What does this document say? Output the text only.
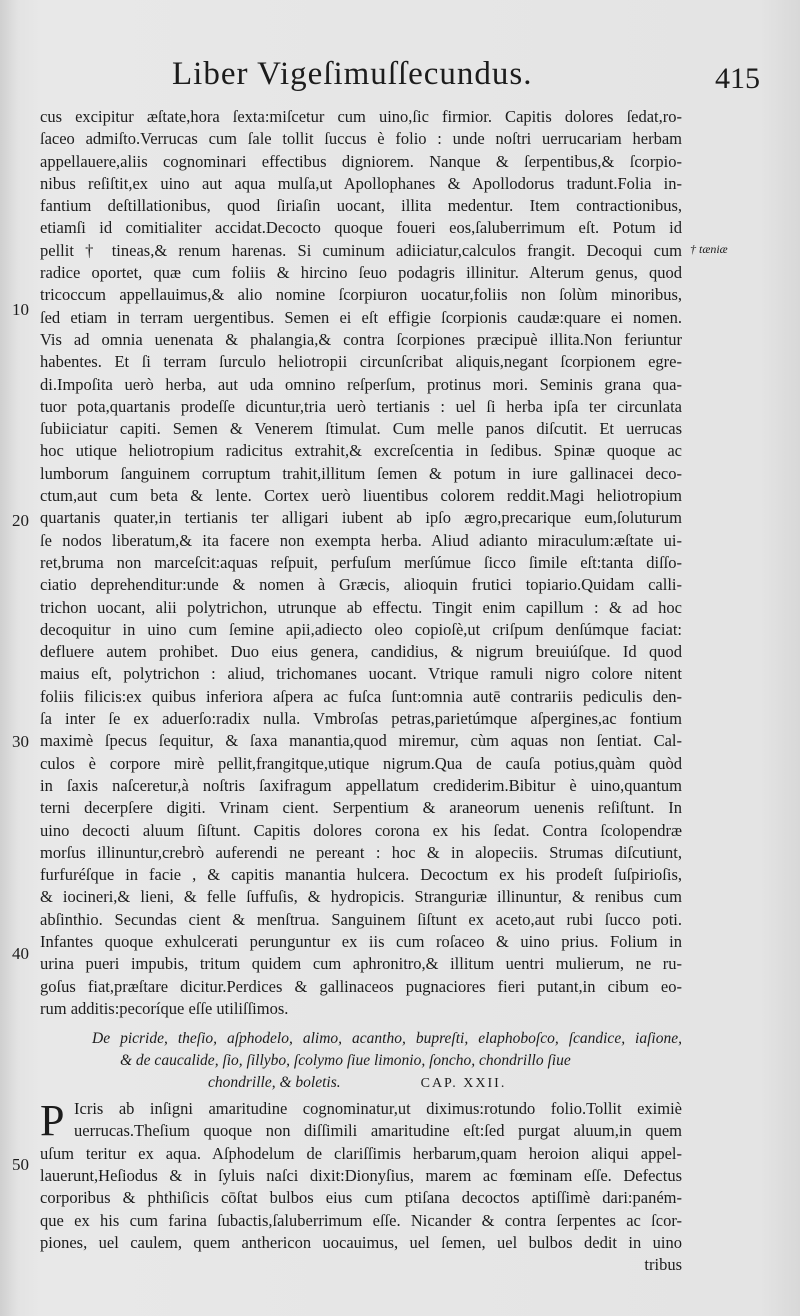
Liber Vigeſimuſſecundus.	415
10
20
30
40
50
† tæniæ
cus excipitur æſtate,hora ſexta:miſcetur cum uino,ſic firmior. Capitis dolores ſedat,ro-
ſaceo admiſto.Verrucas cum ſale tollit ſuccus è folio : unde noſtri uerrucariam herbam
appellauere,aliis cognominari effectibus digniorem. Nanque & ſerpentibus,& ſcorpio-
nibus reſiſtit,ex uino aut aqua mulſa,ut Apollophanes & Apollodorus tradunt.Folia in-
fantium deſtillationibus, quod ſiriaſin uocant, illita medentur. Item contractionibus,
etiamſi id comitialiter accidat.Decocto quoque foueri eos,ſaluberrimum eſt. Potum id
pellit † tineas,& renum harenas. Si cuminum adiiciatur,calculos frangit. Decoqui cum
radice oportet, quæ cum foliis & hircino ſeuo podagris illinitur. Alterum genus, quod
tricoccum appellauimus,& alio nomine ſcorpiuron uocatur,foliis non ſolùm minoribus,
ſed etiam in terram uergentibus. Semen ei eſt effigie ſcorpionis caudæ:quare ei nomen.
Vis ad omnia uenenata & phalangia,& contra ſcorpiones præcipuè illita.Non feriuntur
habentes. Et ſi terram ſurculo heliotropii circunſcribat aliquis,negant ſcorpionem egre-
di.Impoſita uerò herba, aut uda omnino reſperſum, protinus mori. Seminis grana qua-
tuor pota,quartanis prodeſſe dicuntur,tria uerò tertianis : uel ſi herba ipſa ter circunlata
ſubiiciatur capiti. Semen & Venerem ſtimulat. Cum melle panos diſcutit. Et uerrucas
hoc utique heliotropium radicitus extrahit,& excreſcentia in ſedibus. Spinæ quoque ac
lumborum ſanguinem corruptum trahit,illitum ſemen & potum in iure gallinacei deco-
ctum,aut cum beta & lente. Cortex uerò liuentibus colorem reddit.Magi heliotropium
quartanis quater,in tertianis ter alligari iubent ab ipſo ægro,precarique eum,ſoluturum
ſe nodos liberatum,& ita facere non exempta herba. Aliud adianto miraculum:æſtate ui-
ret,bruma non marceſcit:aquas reſpuit, perfuſum merſúmue ſicco ſimile eſt:tanta diſſo-
ciatio deprehenditur:unde & nomen à Græcis, alioquin frutici topiario.Quidam calli-
trichon uocant, alii polytrichon, utrunque ab effectu. Tingit enim capillum : & ad hoc
decoquitur in uino cum ſemine apii,adiecto oleo copioſè,ut criſpum denſúmque faciat:
defluere autem prohibet. Duo eius genera, candidius, & nigrum breuiúſque. Id quod
maius eſt, polytrichon : aliud, trichomanes uocant. Vtrique ramuli nigro colore nitent
foliis filicis:ex quibus inferiora aſpera ac fuſca ſunt:omnia autē contrariis pediculis den-
ſa inter ſe ex aduerſo:radix nulla. Vmbroſas petras,parietúmque aſpergines,ac fontium
maximè ſpecus ſequitur, & ſaxa manantia,quod miremur, cùm aquas non ſentiat. Cal-
culos è corpore mirè pellit,frangitque,utique nigrum.Qua de cauſa potius,quàm quòd
in ſaxis naſceretur,à noſtris ſaxifragum appellatum crediderim.Bibitur è uino,quantum
terni decerpſere digiti. Vrinam cient. Serpentium & araneorum uenenis reſiſtunt. In
uino decocti aluum ſiſtunt. Capitis dolores corona ex his ſedat. Contra ſcolopendræ
morſus illinuntur,crebrò auferendi ne pereant : hoc & in alopeciis. Strumas diſcutiunt,
furfuréſque in facie , & capitis manantia hulcera. Decoctum ex his prodeſt ſuſpirioſis,
& iocineri,& lieni, & felle ſuffuſis, & hydropicis. Stranguriæ illinuntur, & renibus cum
abſinthio. Secundas cient & menſtrua. Sanguinem ſiſtunt ex aceto,aut rubi ſucco poti.
Infantes quoque exhulcerati perunguntur ex iis cum roſaceo & uino prius. Folium in
urina pueri impubis, tritum quidem cum aphronitro,& illitum uentri mulierum, ne ru-
goſus fiat,præſtare dicitur.Perdices & gallinaceos pugnaciores fieri putant,in cibum eo-
rum additis:pecoríque eſſe utiliſſimos.
De picride, theſio, aſphodelo, alimo, acantho, bupreſti, elaphoboſco, ſcandice, iaſione,
& de caucalide, ſio, ſillybo, ſcolymo ſiue limonio, ſoncho, chondrillo ſiue
chondrille, & boletis.	CAP. XXII.
P Icris ab inſigni amaritudine cognominatur,ut diximus:rotundo folio.Tollit eximiè
uerrucas.Theſium quoque non diſſimili amaritudine eſt:ſed purgat aluum,in quem
uſum teritur ex aqua. Aſphodelum de clariſſimis herbarum,quam heroion aliqui appel-
lauerunt,Heſiodus & in ſyluis naſci dixit:Dionyſius, marem ac fœminam eſſe. Defectus
corporibus & phthiſicis cōſtat bulbos eius cum ptiſana decoctos aptiſſimè dari:paném-
que ex his cum farina ſubactis,ſaluberrimum eſſe. Nicander & contra ſerpentes ac ſcor-
piones, uel caulem, quem anthericon uocauimus, uel ſemen, uel bulbos dedit in uino
tribus
